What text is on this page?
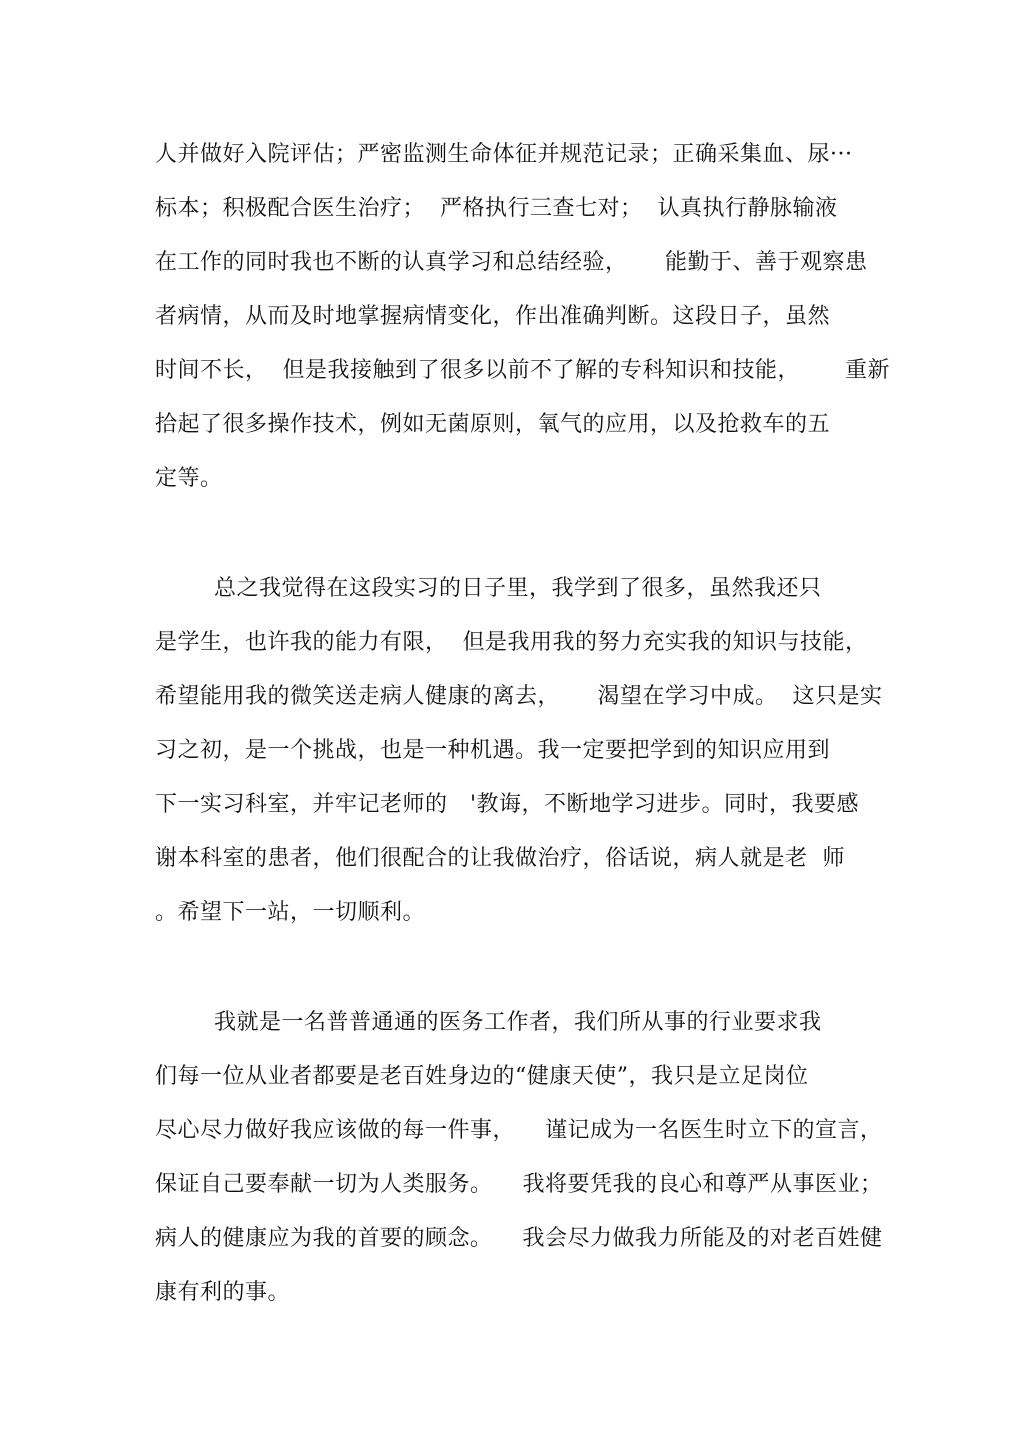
人并做好入院评估；严密监测生命体征并规范记录；正确采集血、尿···
标本；积极配合医生治疗；  严格执行三查七对；  认真执行静脉输液
在工作的同时我也不断的认真学习和总结经验，     能勤于、善于观察患
者病情，从而及时地掌握病情变化，作出准确判断。这段日子，虽然
时间不长，  但是我接触到了很多以前不了解的专科知识和技能，      重新
拾起了很多操作技术，例如无菌原则，氧气的应用，以及抢救车的五
定等。
总之我觉得在这段实习的日子里，我学到了很多，虽然我还只
是学生，也许我的能力有限，  但是我用我的努力充实我的知识与技能，
希望能用我的微笑送走病人健康的离去，     渴望在学习中成。  这只是实
习之初，是一个挑战，也是一种机遇。我一定要把学到的知识应用到
下一实习科室，并牢记老师的   '教诲，不断地学习进步。同时，我要感
谢本科室的患者，他们很配合的让我做治疗，俗话说，病人就是老  师
。希望下一站，一切顺利。
我就是一名普普通通的医务工作者，我们所从事的行业要求我
们每一位从业者都要是老百姓身边的“健康天使”，我只是立足岗位
尽心尽力做好我应该做的每一件事，    谨记成为一名医生时立下的宣言，
保证自己要奉献一切为人类服务。    我将要凭我的良心和尊严从事医业；
病人的健康应为我的首要的顾念。    我会尽力做我力所能及的对老百姓健
康有利的事。
